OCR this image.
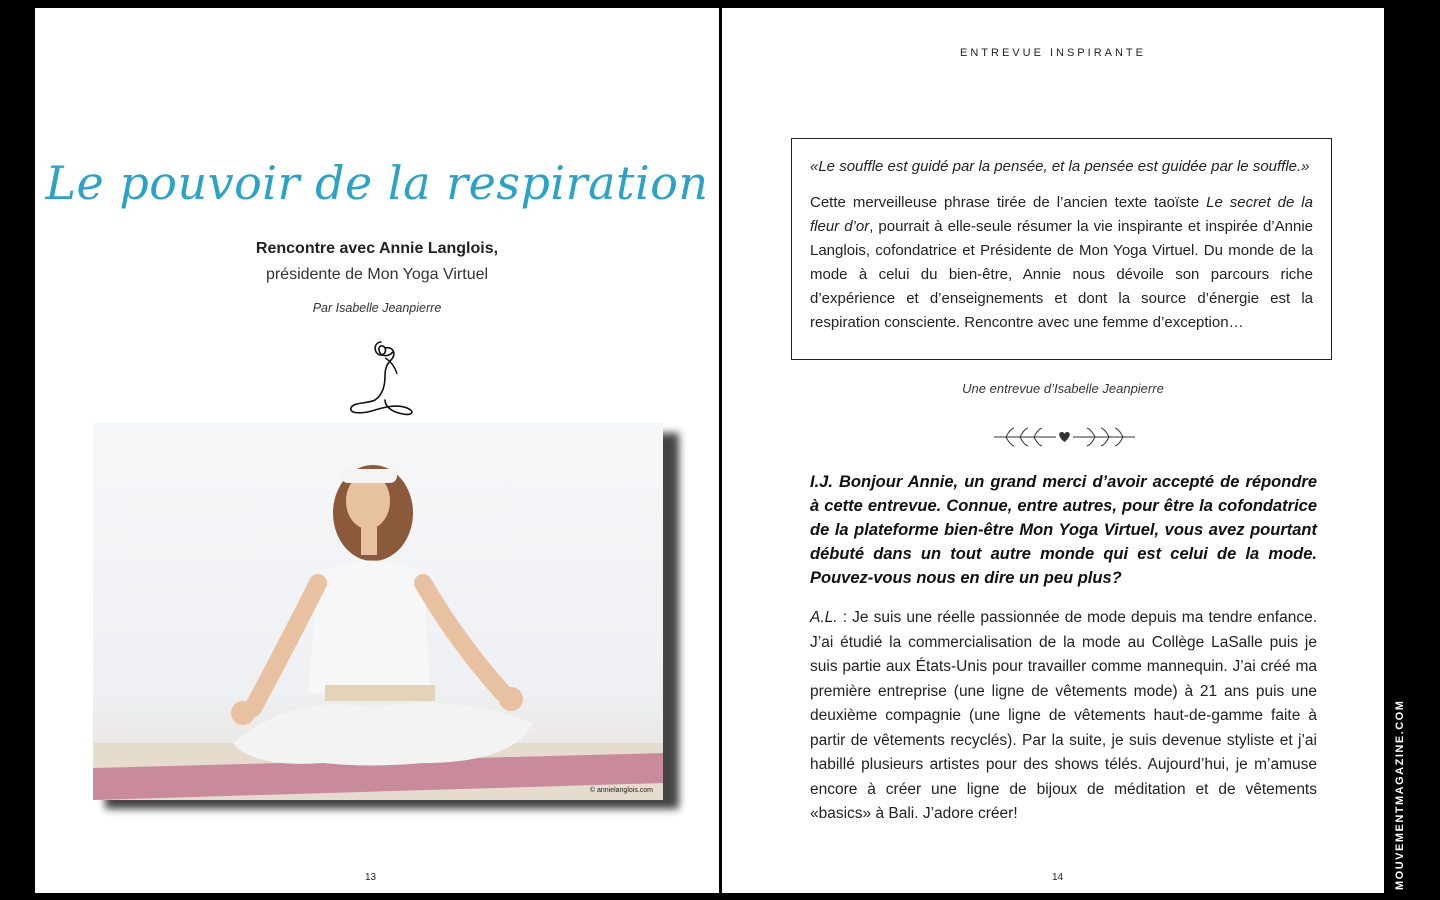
Le pouvoir de la respiration
Rencontre avec Annie Langlois,
présidente de Mon Yoga Virtuel
Par Isabelle Jeanpierre
© annielanglois.com
13
ENTREVUE INSPIRANTE
«Le souffle est guidé par la pensée, et la pensée est guidée par le souffle.»
Cette merveilleuse phrase tirée de l’ancien texte taoïste Le secret de la fleur d’or, pourrait à elle-seule résumer la vie inspirante et inspirée d’Annie Langlois, cofondatrice et Présidente de Mon Yoga Virtuel. Du monde de la mode à celui du bien-être, Annie nous dévoile son parcours riche d’expérience et d’enseignements et dont la source d’énergie est la respiration consciente. Rencontre avec une femme d’exception…
Une entrevue d’Isabelle Jeanpierre
I.J. Bonjour Annie, un grand merci d’avoir accepté de répondre à cette entrevue. Connue, entre autres, pour être la cofondatrice de la plateforme bien-être Mon Yoga Virtuel, vous avez pourtant débuté dans un tout autre monde qui est celui de la mode. Pouvez-vous nous en dire un peu plus?
A.L. : Je suis une réelle passionnée de mode depuis ma tendre enfance. J’ai étudié la commercialisation de la mode au Collège LaSalle puis je suis partie aux États-Unis pour travailler comme mannequin. J’ai créé ma première entreprise (une ligne de vêtements mode) à 21 ans puis une deuxième compagnie (une ligne de vêtements haut-de-gamme faite à partir de vêtements recyclés). Par la suite, je suis devenue styliste et j’ai habillé plusieurs artistes pour des shows télés. Aujourd’hui, je m’amuse encore à créer une ligne de bijoux de méditation et de vêtements «basics» à Bali. J’adore créer!
14	MOUVEMENTMAGAZINE.COM
